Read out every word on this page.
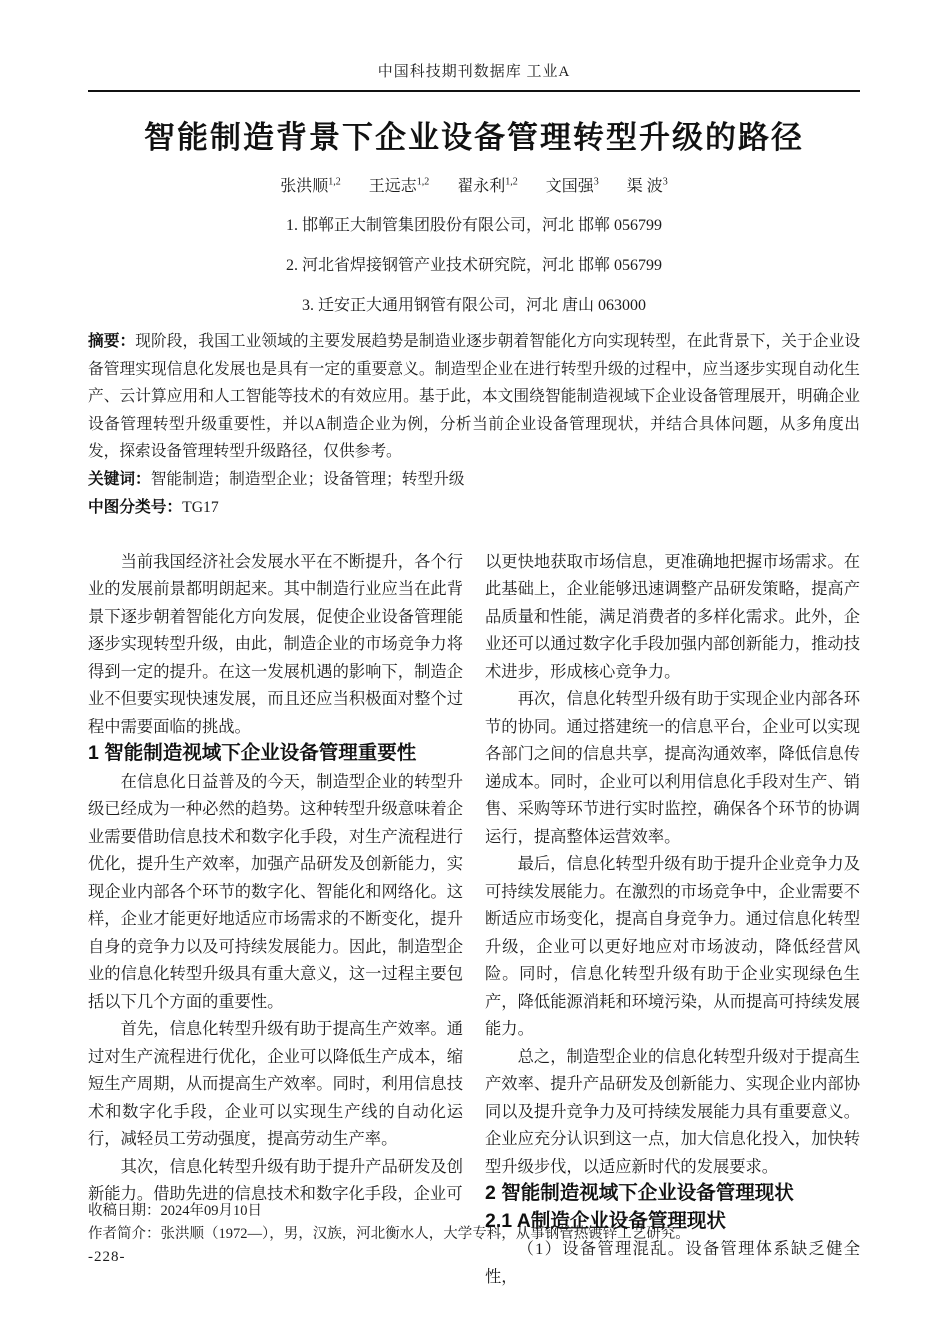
中国科技期刊数据库 工业A
智能制造背景下企业设备管理转型升级的路径
张洪顺$^{1,2}$ 王远志$^{1,2}$ 翟永利$^{1,2}$ 文国强$^3$ 渠 波$^3$
1. 邯郸正大制管集团股份有限公司，河北 邯郸 056799
2. 河北省焊接钢管产业技术研究院，河北 邯郸 056799
3. 迁安正大通用钢管有限公司，河北 唐山 063000

摘要：现阶段，我国工业领域的主要发展趋势是制造业逐步朝着智能化方向实现转型，在此背景下，关于企业设备管理实现信息化发展也是具有一定的重要意义。制造型企业在进行转型升级的过程中，应当逐步实现自动化生产、云计算应用和人工智能等技术的有效应用。基于此，本文围绕智能制造视域下企业设备管理展开，明确企业设备管理转型升级重要性，并以A制造企业为例，分析当前企业设备管理现状，并结合具体问题，从多角度出发，探索设备管理转型升级路径，仅供参考。

关键词：智能制造；制造型企业；设备管理；转型升级

中图分类号：TG17

当前我国经济社会发展水平在不断提升，各个行业的发展前景都明朗起来。其中制造行业应当在此背景下逐步朝着智能化方向发展，促使企业设备管理能逐步实现转型升级，由此，制造企业的市场竞争力将得到一定的提升。在这一发展机遇的影响下，制造企业不但要实现快速发展，而且还应当积极面对整个过程中需要面临的挑战。

1 智能制造视域下企业设备管理重要性

在信息化日益普及的今天，制造型企业的转型升级已经成为一种必然的趋势。这种转型升级意味着企业需要借助信息技术和数字化手段，对生产流程进行优化，提升生产效率，加强产品研发及创新能力，实现企业内部各个环节的数字化、智能化和网络化。这样，企业才能更好地适应市场需求的不断变化，提升自身的竞争力以及可持续发展能力。因此，制造型企业的信息化转型升级具有重大意义，这一过程主要包括以下几个方面的重要性。

首先，信息化转型升级有助于提高生产效率。通过对生产流程进行优化，企业可以降低生产成本，缩短生产周期，从而提高生产效率。同时，利用信息技术和数字化手段，企业可以实现生产线的自动化运行，减轻员工劳动强度，提高劳动生产率。

其次，信息化转型升级有助于提升产品研发及创新能力。借助先进的信息技术和数字化手段，企业可

以更快地获取市场信息，更准确地把握市场需求。在此基础上，企业能够迅速调整产品研发策略，提高产品质量和性能，满足消费者的多样化需求。此外，企业还可以通过数字化手段加强内部创新能力，推动技术进步，形成核心竞争力。

再次，信息化转型升级有助于实现企业内部各环节的协同。通过搭建统一的信息平台，企业可以实现各部门之间的信息共享，提高沟通效率，降低信息传递成本。同时，企业可以利用信息化手段对生产、销售、采购等环节进行实时监控，确保各个环节的协调运行，提高整体运营效率。

最后，信息化转型升级有助于提升企业竞争力及可持续发展能力。在激烈的市场竞争中，企业需要不断适应市场变化，提高自身竞争力。通过信息化转型升级，企业可以更好地应对市场波动，降低经营风险。同时，信息化转型升级有助于企业实现绿色生产，降低能源消耗和环境污染，从而提高可持续发展能力。

总之，制造型企业的信息化转型升级对于提高生产效率、提升产品研发及创新能力、实现企业内部协同以及提升竞争力及可持续发展能力具有重要意义。企业应充分认识到这一点，加大信息化投入，加快转型升级步伐，以适应新时代的发展要求。

2 智能制造视域下企业设备管理现状
2.1 A制造企业设备管理现状

（1）设备管理混乱。设备管理体系缺乏健全性，

收稿日期：2024年09月10日
作者简介：张洪顺（1972—），男，汉族，河北衡水人，大学专科，从事钢管热镀锌工艺研究。
-228-
